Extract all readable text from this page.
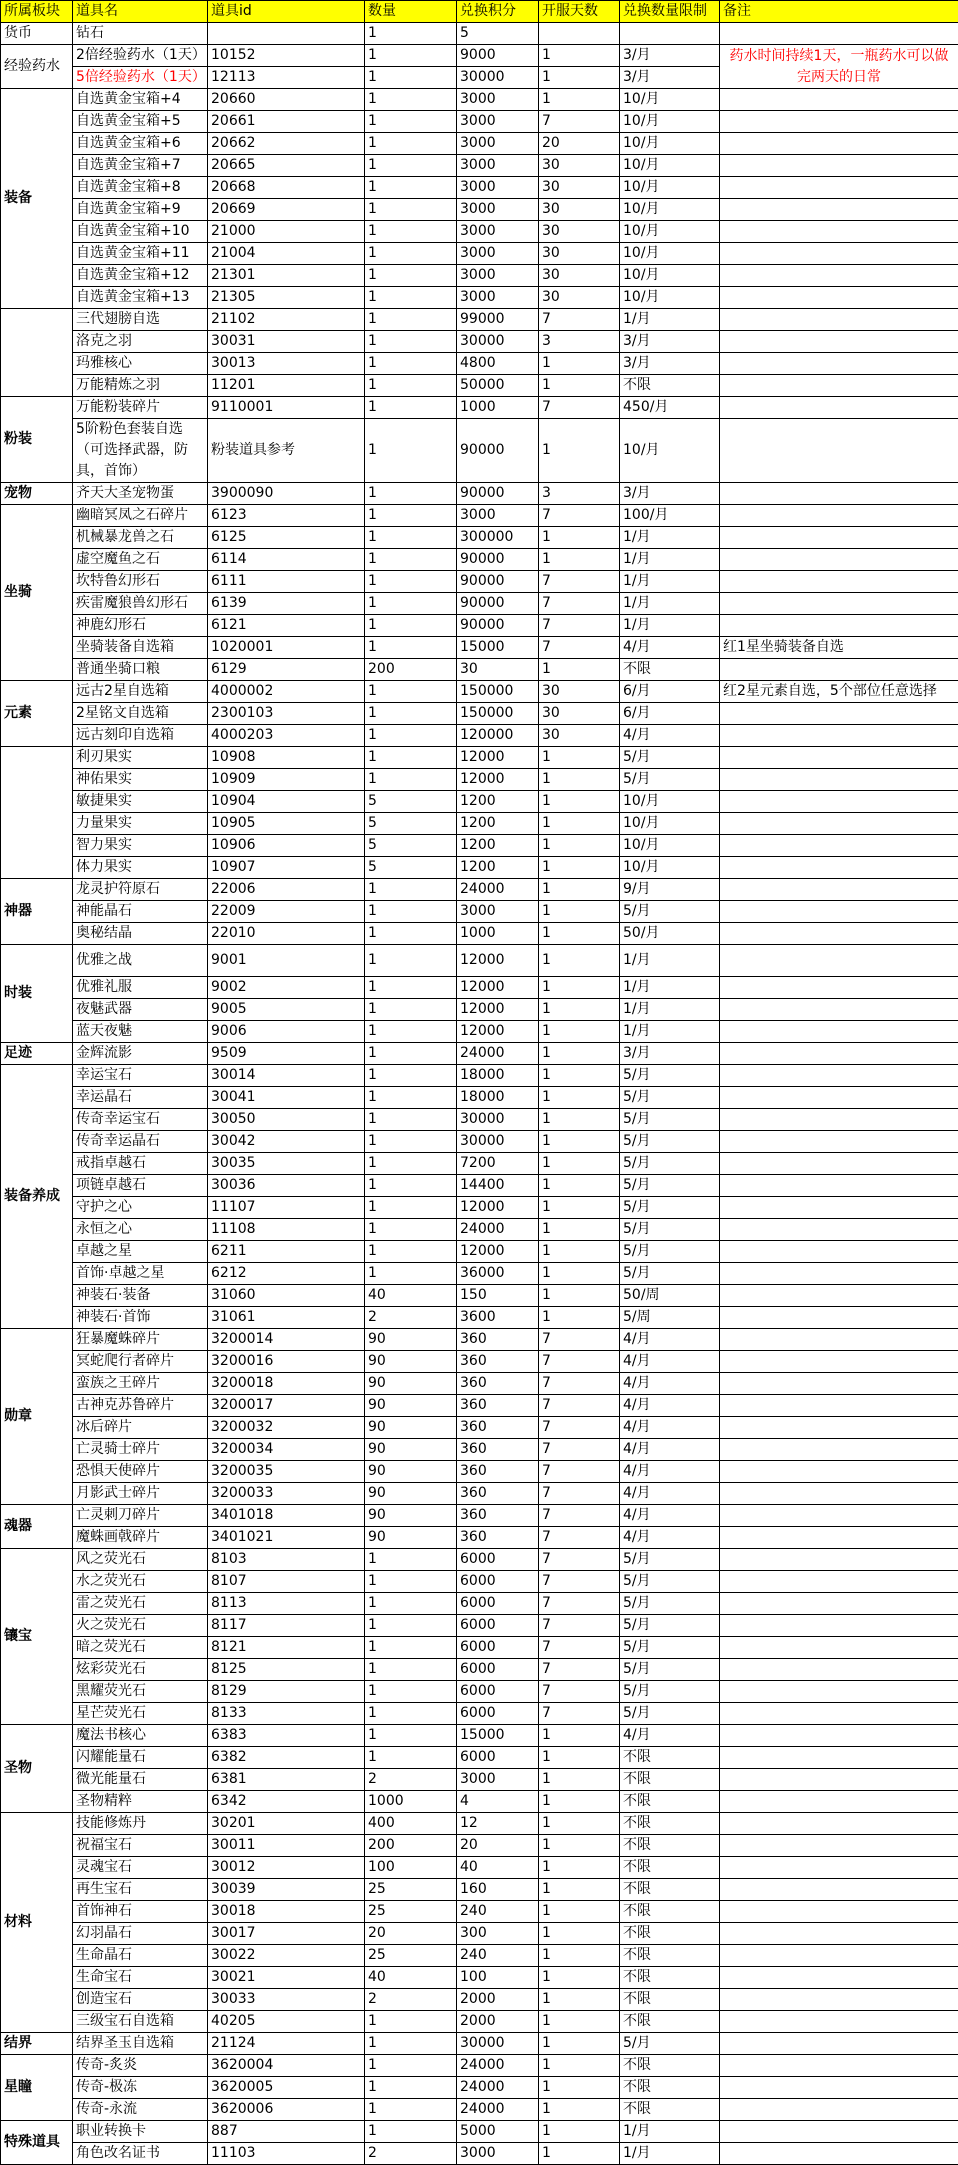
所属板块	道具名	道具id	数量	兑换积分	开服天数	兑换数量限制	备注
货币	钻石		1	5			
经验药水	2倍经验药水（1天）	10152	1	9000	1	3/月	药水时间持续1天，一瓶药水可以做完两天的日常
	5倍经验药水（1天）	12113	1	30000	1	3/月	
装备	自选黄金宝箱+4	20660	1	3000	1	10/月	
	自选黄金宝箱+5	20661	1	3000	7	10/月	
	自选黄金宝箱+6	20662	1	3000	20	10/月	
	自选黄金宝箱+7	20665	1	3000	30	10/月	
	自选黄金宝箱+8	20668	1	3000	30	10/月	
	自选黄金宝箱+9	20669	1	3000	30	10/月	
	自选黄金宝箱+10	21000	1	3000	30	10/月	
	自选黄金宝箱+11	21004	1	3000	30	10/月	
	自选黄金宝箱+12	21301	1	3000	30	10/月	
	自选黄金宝箱+13	21305	1	3000	30	10/月	
	三代翅膀自选	21102	1	99000	7	1/月	
	洛克之羽	30031	1	30000	3	3/月	
	玛雅核心	30013	1	4800	1	3/月	
	万能精炼之羽	11201	1	50000	1	不限	
粉装	万能粉装碎片	9110001	1	1000	7	450/月	
	5阶粉色套装自选（可选择武器，防具，首饰）	粉装道具参考	1	90000	1	10/月	
宠物	齐天大圣宠物蛋	3900090	1	90000	3	3/月	
坐骑	幽暗冥凤之石碎片	6123	1	3000	7	100/月	
	机械暴龙兽之石	6125	1	300000	1	1/月	
	虚空魔鱼之石	6114	1	90000	1	1/月	
	坎特鲁幻形石	6111	1	90000	7	1/月	
	疾雷魔狼兽幻形石	6139	1	90000	7	1/月	
	神鹿幻形石	6121	1	90000	7	1/月	
	坐骑装备自选箱	1020001	1	15000	7	4/月	红1星坐骑装备自选
	普通坐骑口粮	6129	200	30	1	不限	
元素	远古2星自选箱	4000002	1	150000	30	6/月	红2星元素自选，5个部位任意选择
	2星铭文自选箱	2300103	1	150000	30	6/月	
	远古刻印自选箱	4000203	1	120000	30	4/月	
	利刃果实	10908	1	12000	1	5/月	
	神佑果实	10909	1	12000	1	5/月	
	敏捷果实	10904	5	1200	1	10/月	
	力量果实	10905	5	1200	1	10/月	
	智力果实	10906	5	1200	1	10/月	
	体力果实	10907	5	1200	1	10/月	
神器	龙灵护符原石	22006	1	24000	1	9/月	
	神能晶石	22009	1	3000	1	5/月	
	奥秘结晶	22010	1	1000	1	50/月	
时装	优雅之战	9001	1	12000	1	1/月	
	优雅礼服	9002	1	12000	1	1/月	
	夜魅武器	9005	1	12000	1	1/月	
	蓝天夜魅	9006	1	12000	1	1/月	
足迹	金辉流影	9509	1	24000	1	3/月	
装备养成	幸运宝石	30014	1	18000	1	5/月	
	幸运晶石	30041	1	18000	1	5/月	
	传奇幸运宝石	30050	1	30000	1	5/月	
	传奇幸运晶石	30042	1	30000	1	5/月	
	戒指卓越石	30035	1	7200	1	5/月	
	项链卓越石	30036	1	14400	1	5/月	
	守护之心	11107	1	12000	1	5/月	
	永恒之心	11108	1	24000	1	5/月	
	卓越之星	6211	1	12000	1	5/月	
	首饰·卓越之星	6212	1	36000	1	5/月	
	神装石·装备	31060	40	150	1	50/周	
	神装石·首饰	31061	2	3600	1	5/周	
勋章	狂暴魔蛛碎片	3200014	90	360	7	4/月	
	冥蛇爬行者碎片	3200016	90	360	7	4/月	
	蛮族之王碎片	3200018	90	360	7	4/月	
	古神克苏鲁碎片	3200017	90	360	7	4/月	
	冰后碎片	3200032	90	360	7	4/月	
	亡灵骑士碎片	3200034	90	360	7	4/月	
	恐惧天使碎片	3200035	90	360	7	4/月	
	月影武士碎片	3200033	90	360	7	4/月	
魂器	亡灵刺刀碎片	3401018	90	360	7	4/月	
	魔蛛画戟碎片	3401021	90	360	7	4/月	
镶宝	风之荧光石	8103	1	6000	7	5/月	
	水之荧光石	8107	1	6000	7	5/月	
	雷之荧光石	8113	1	6000	7	5/月	
	火之荧光石	8117	1	6000	7	5/月	
	暗之荧光石	8121	1	6000	7	5/月	
	炫彩荧光石	8125	1	6000	7	5/月	
	黑耀荧光石	8129	1	6000	7	5/月	
	星芒荧光石	8133	1	6000	7	5/月	
圣物	魔法书核心	6383	1	15000	1	4/月	
	闪耀能量石	6382	1	6000	1	不限	
	微光能量石	6381	2	3000	1	不限	
	圣物精粹	6342	1000	4	1	不限	
材料	技能修炼丹	30201	400	12	1	不限	
	祝福宝石	30011	200	20	1	不限	
	灵魂宝石	30012	100	40	1	不限	
	再生宝石	30039	25	160	1	不限	
	首饰神石	30018	25	240	1	不限	
	幻羽晶石	30017	20	300	1	不限	
	生命晶石	30022	25	240	1	不限	
	生命宝石	30021	40	100	1	不限	
	创造宝石	30033	2	2000	1	不限	
	三级宝石自选箱	40205	1	2000	1	不限	
结界	结界圣玉自选箱	21124	1	30000	1	5/月	
星瞳	传奇-炙炎	3620004	1	24000	1	不限	
	传奇-极冻	3620005	1	24000	1	不限	
	传奇-永流	3620006	1	24000	1	不限	
特殊道具	职业转换卡	887	1	5000	1	1/月	
	角色改名证书	11103	2	3000	1	1/月	
